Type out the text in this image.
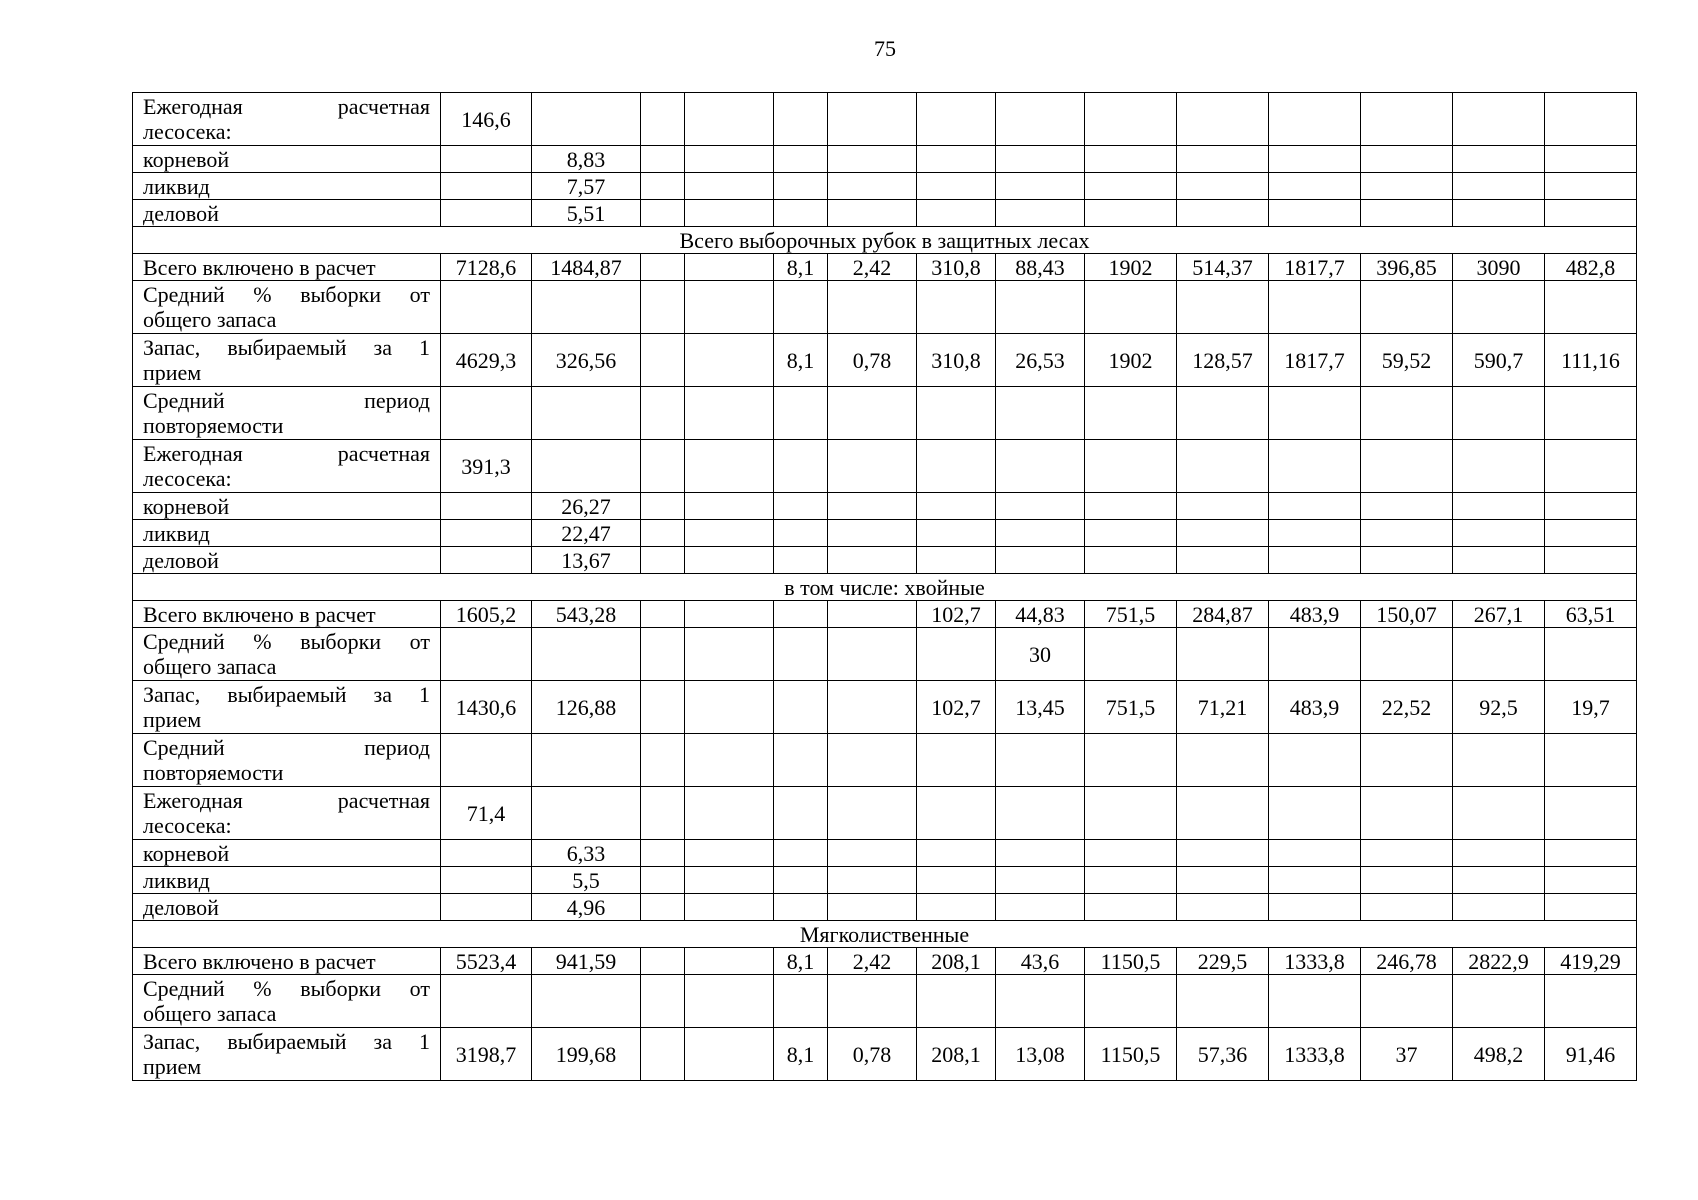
75
Ежегодная расчетная
лесосека:	146,6													
корневой		8,83												
ликвид		7,57												
деловой		5,51												
Всего выборочных рубок в защитных лесах														
Всего включено в расчет	7128,6	1484,87			8,1	2,42	310,8	88,43	1902	514,37	1817,7	396,85	3090	482,8

Средний % выборки от
общего запаса														

Запас, выбираемый за 1
прием	4629,3	326,56			8,1	0,78	310,8	26,53	1902	128,57	1817,7	59,52	590,7	111,16

Средний период
повторяемости														

Ежегодная расчетная
лесосека:	391,3													
корневой		26,27												
ликвид		22,47												
деловой		13,67												
в том числе: хвойные														
Всего включено в расчет	1605,2	543,28					102,7	44,83	751,5	284,87	483,9	150,07	267,1	63,51

Средний % выборки от
общего запаса								30						

Запас, выбираемый за 1
прием	1430,6	126,88					102,7	13,45	751,5	71,21	483,9	22,52	92,5	19,7

Средний период
повторяемости														

Ежегодная расчетная
лесосека:	71,4													
корневой		6,33												
ликвид		5,5												
деловой		4,96												
Мягколиственные														
Всего включено в расчет	5523,4	941,59			8,1	2,42	208,1	43,6	1150,5	229,5	1333,8	246,78	2822,9	419,29

Средний % выборки от
общего запаса														

Запас, выбираемый за 1
прием	3198,7	199,68			8,1	0,78	208,1	13,08	1150,5	57,36	1333,8	37	498,2	91,46
